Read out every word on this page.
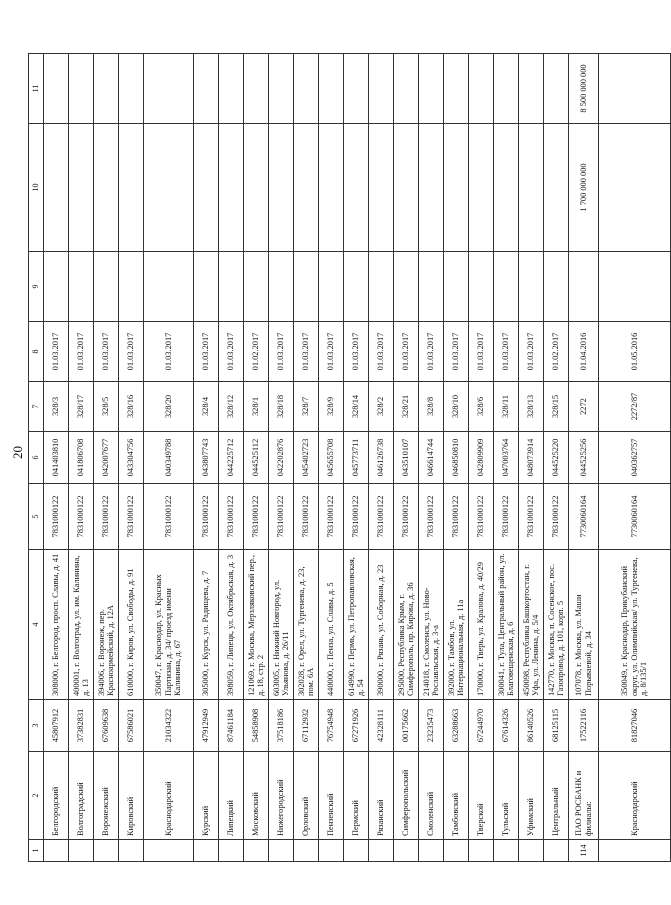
20
1	2	3	4	5	6	7	8	9	10	11
	Белгородский	45807912	308000, г. Белгород, просп. Славы, д. 41	7831000122	041403810	328/3	01.03.2017			
	Волгоградский	37382831	400001, г. Волгоград, ул. им. Калинина, д. 13	7831000122	041806708	328/17	01.03.2017			
	Воронежский	67609638	394006, г. Воронеж, пер. Красноармейский, д. 12А	7831000122	042007677	328/5	01.03.2017			
	Кировский	67586021	610000, г. Киров, ул. Свободы, д. 91	7831000122	043304756	328/16	01.03.2017			
	Краснодарский	21034322	350047, г. Краснодар, ул. Красных Партизан, д. 34/ проезд имени Калинина, д. 67	7831000122	040349788	328/20	01.03.2017			
	Курский	47912949	305000, г. Курск, ул. Радищева, д. 7	7831000122	043807743	328/4	01.03.2017			
	Липецкий	87461184	398059, г. Липецк, ул. Октябрьская, д. 3	7831000122	044225712	328/12	01.03.2017			
	Московский	54858908	121069, г. Москва, Мерзляковский пер., д. 18, стр. 2	7831000122	044525112	328/1	01.02.2017			
	Нижегородский	37518186	603005, г. Нижний Новгород, ул. Ульянова, д. 26/11	7831000122	042202876	328/18	01.03.2017			
	Орловский	67112932	302028, г. Орел, ул. Тургенева, д. 23, пом. 6А	7831000122	045402723	328/7	01.03.2017			
	Пензенский	76754948	440000, г. Пенза, ул. Славы, д. 5	7831000122	045655708	328/9	01.03.2017			
	Пермский	67271926	614990, г. Пермь, ул. Петропавловская, д. 54	7831000122	045773711	328/14	01.03.2017			
	Рязанский	42328111	390000, г. Рязань, ул. Соборная, д. 23	7831000122	046126738	328/2	01.03.2017			
	Симферопольский	00175662	295000, Республика Крым, г. Симферополь, пр. Кирова, д. 36	7831000122	043510107	328/21	01.03.2017			
	Смоленский	23235473	214018, г. Смоленск, ул. Ново-Рославльская, д. 3-а	7831000122	046614744	328/8	01.03.2017			
	Тамбовский	63288663	392000, г. Тамбов, ул. Интернациональная, д. 11а	7831000122	046850810	328/10	01.03.2017			
	Тверской	67244970	170000, г. Тверь, ул. Кралова, д. 40/29	7831000122	042809909	328/6	01.03.2017			
	Тульский	67614326	300041, г. Тула, Центральный район, ул. Благовещенская, д. 6	7831000122	047003764	328/11	01.03.2017			
	Уфимский	86140526	450098, Республика Башкортостан, г. Уфа, ул. Ленина, д. 5/4	7831000122	048073914	328/13	01.03.2017			
	Центральный	68125115	142770, г. Москва, п. Сосенское, пос. Газопровод, д. 101, корп. 5	7831000122	044525220	328/15	01.02.2017			
114	ПАО РОСБАНК и филиалы:	17522116	107078, г. Москва, ул. Маши Порываевой, д. 34	7730060164	044525256	2272	01.04.2016		1 700 000 000	8 500 000 000
	Краснодарский	81827046	350049, г. Краснодар, Прикубанский округ, ул. Олимпийская/ ул. Тургенева, д. 8/135/1	7730060164	040362757	2272/87	01.05.2016			
